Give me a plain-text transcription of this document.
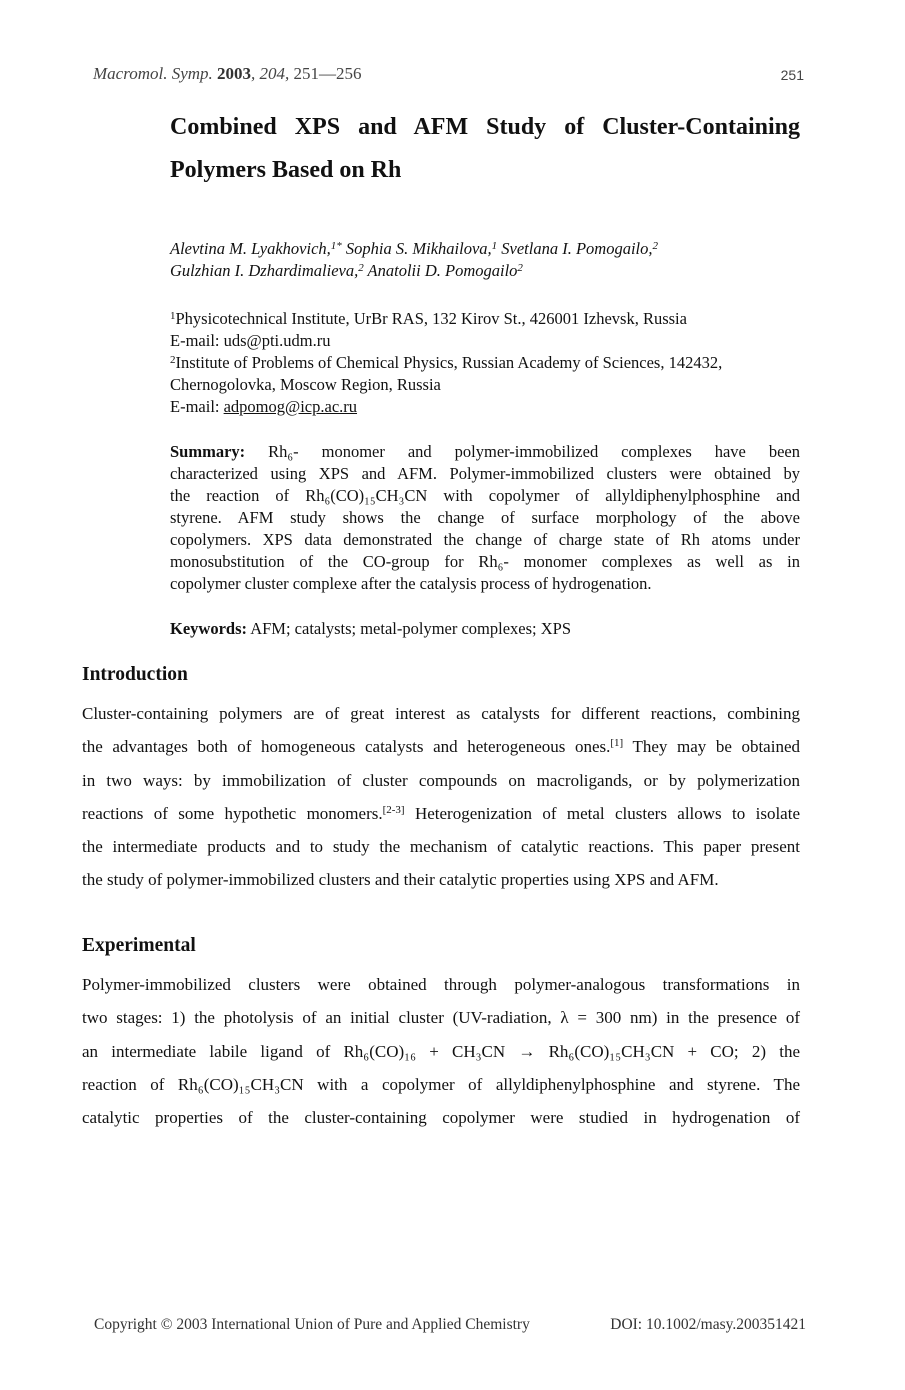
Macromol. Symp. 2003, 204, 251—256	251
Combined XPS and AFM Study of Cluster-Containing
Polymers Based on Rh
Alevtina M. Lyakhovich,$^{1*}$ Sophia S. Mikhailova,$^1$ Svetlana I. Pomogailo,$^2$
Gulzhian I. Dzhardimalieva,$^2$ Anatolii D. Pomogailo$^2$
$^1$Physicotechnical Institute, UrBr RAS, 132 Kirov St., 426001 Izhevsk, Russia
E-mail: uds@pti.udm.ru
$^2$Institute of Problems of Chemical Physics, Russian Academy of Sciences, 142432,
Chernogolovka, Moscow Region, Russia
E-mail: adpomog@icp.ac.ru
Summary: Rh₆- monomer and polymer-immobilized complexes have been
characterized using XPS and AFM. Polymer-immobilized clusters were obtained by
the reaction of Rh₆(CO)₁₅CH₃CN with copolymer of allyldiphenylphosphine and
styrene. AFM study shows the change of surface morphology of the above
copolymers. XPS data demonstrated the change of charge state of Rh atoms under
monosubstitution of the CO-group for Rh₆- monomer complexes as well as in
copolymer cluster complexe after the catalysis process of hydrogenation.
Keywords: AFM; catalysts; metal-polymer complexes; XPS
Introduction
Cluster-containing polymers are of great interest as catalysts for different reactions, combining
the advantages both of homogeneous catalysts and heterogeneous ones.[1] They may be obtained
in two ways: by immobilization of cluster compounds on macroligands, or by polymerization
reactions of some hypothetic monomers.[2-3] Heterogenization of metal clusters allows to isolate
the intermediate products and to study the mechanism of catalytic reactions. This paper present
the study of polymer-immobilized clusters and their catalytic properties using XPS and AFM.
Experimental
Polymer-immobilized clusters were obtained through polymer-analogous transformations in
two stages: 1) the photolysis of an initial cluster (UV-radiation, λ = 300 nm) in the presence of
an intermediate labile ligand of Rh₆(CO)₁₆ + CH₃CN → Rh₆(CO)₁₅CH₃CN + CO; 2) the
reaction of Rh₆(CO)₁₅CH₃CN with a copolymer of allyldiphenylphosphine and styrene. The
catalytic properties of the cluster-containing copolymer were studied in hydrogenation of
Copyright © 2003 International Union of Pure and Applied Chemistry	DOI: 10.1002/masy.200351421
